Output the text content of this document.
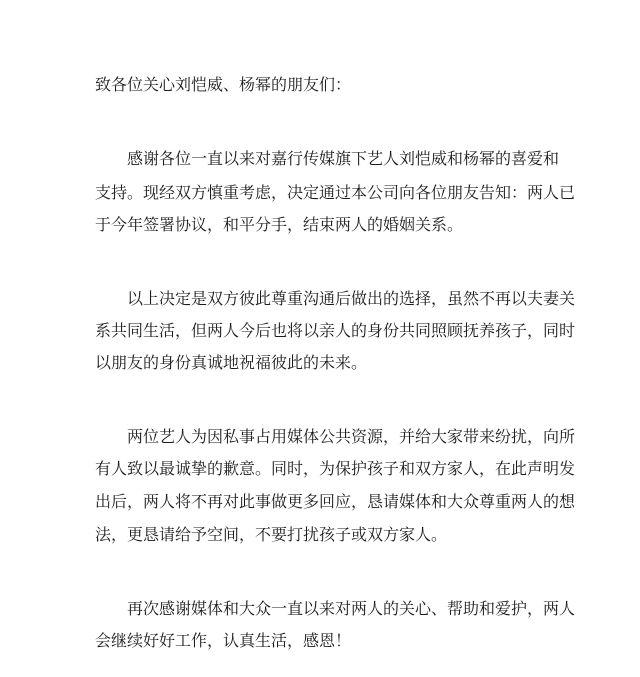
致各位关心刘恺威、杨幂的朋友们：
感谢各位一直以来对嘉行传媒旗下艺人刘恺威和杨幂的喜爱和
支持。现经双方慎重考虑，决定通过本公司向各位朋友告知：两人已
于今年签署协议，和平分手，结束两人的婚姻关系。
以上决定是双方彼此尊重沟通后做出的选择，虽然不再以夫妻关
系共同生活，但两人今后也将以亲人的身份共同照顾抚养孩子，同时
以朋友的身份真诚地祝福彼此的未来。
两位艺人为因私事占用媒体公共资源，并给大家带来纷扰，向所
有人致以最诚挚的歉意。同时，为保护孩子和双方家人，在此声明发
出后，两人将不再对此事做更多回应，恳请媒体和大众尊重两人的想
法，更恳请给予空间，不要打扰孩子或双方家人。
再次感谢媒体和大众一直以来对两人的关心、帮助和爱护，两人
会继续好好工作，认真生活，感恩！
